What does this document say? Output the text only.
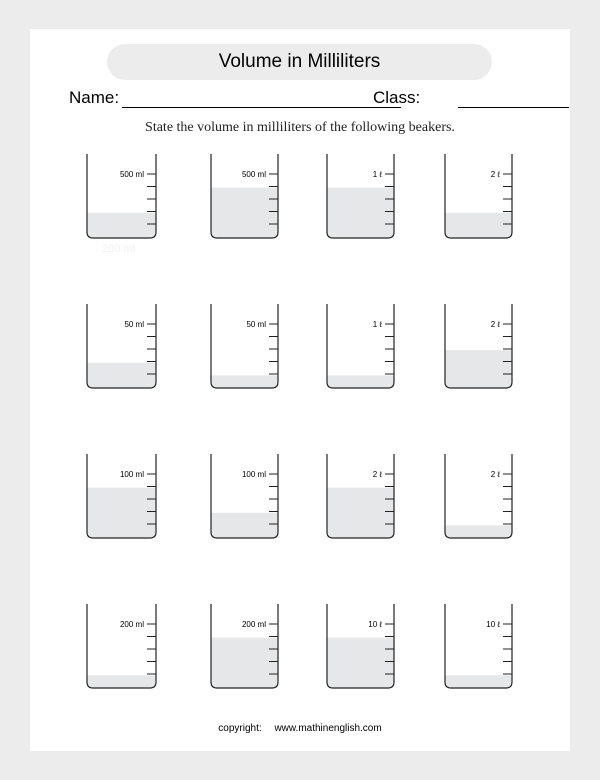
Volume in Milliliters
Name:	Class:
State the volume in milliliters of the following beakers.
500 ml	500 ml	1 ℓ	2 ℓ
50 ml	50 ml	1 ℓ	2 ℓ
100 ml	100 ml	2 ℓ	2 ℓ
200 ml	200 ml	10 ℓ	10 ℓ
200 ml
copyright: www.mathinenglish.com
